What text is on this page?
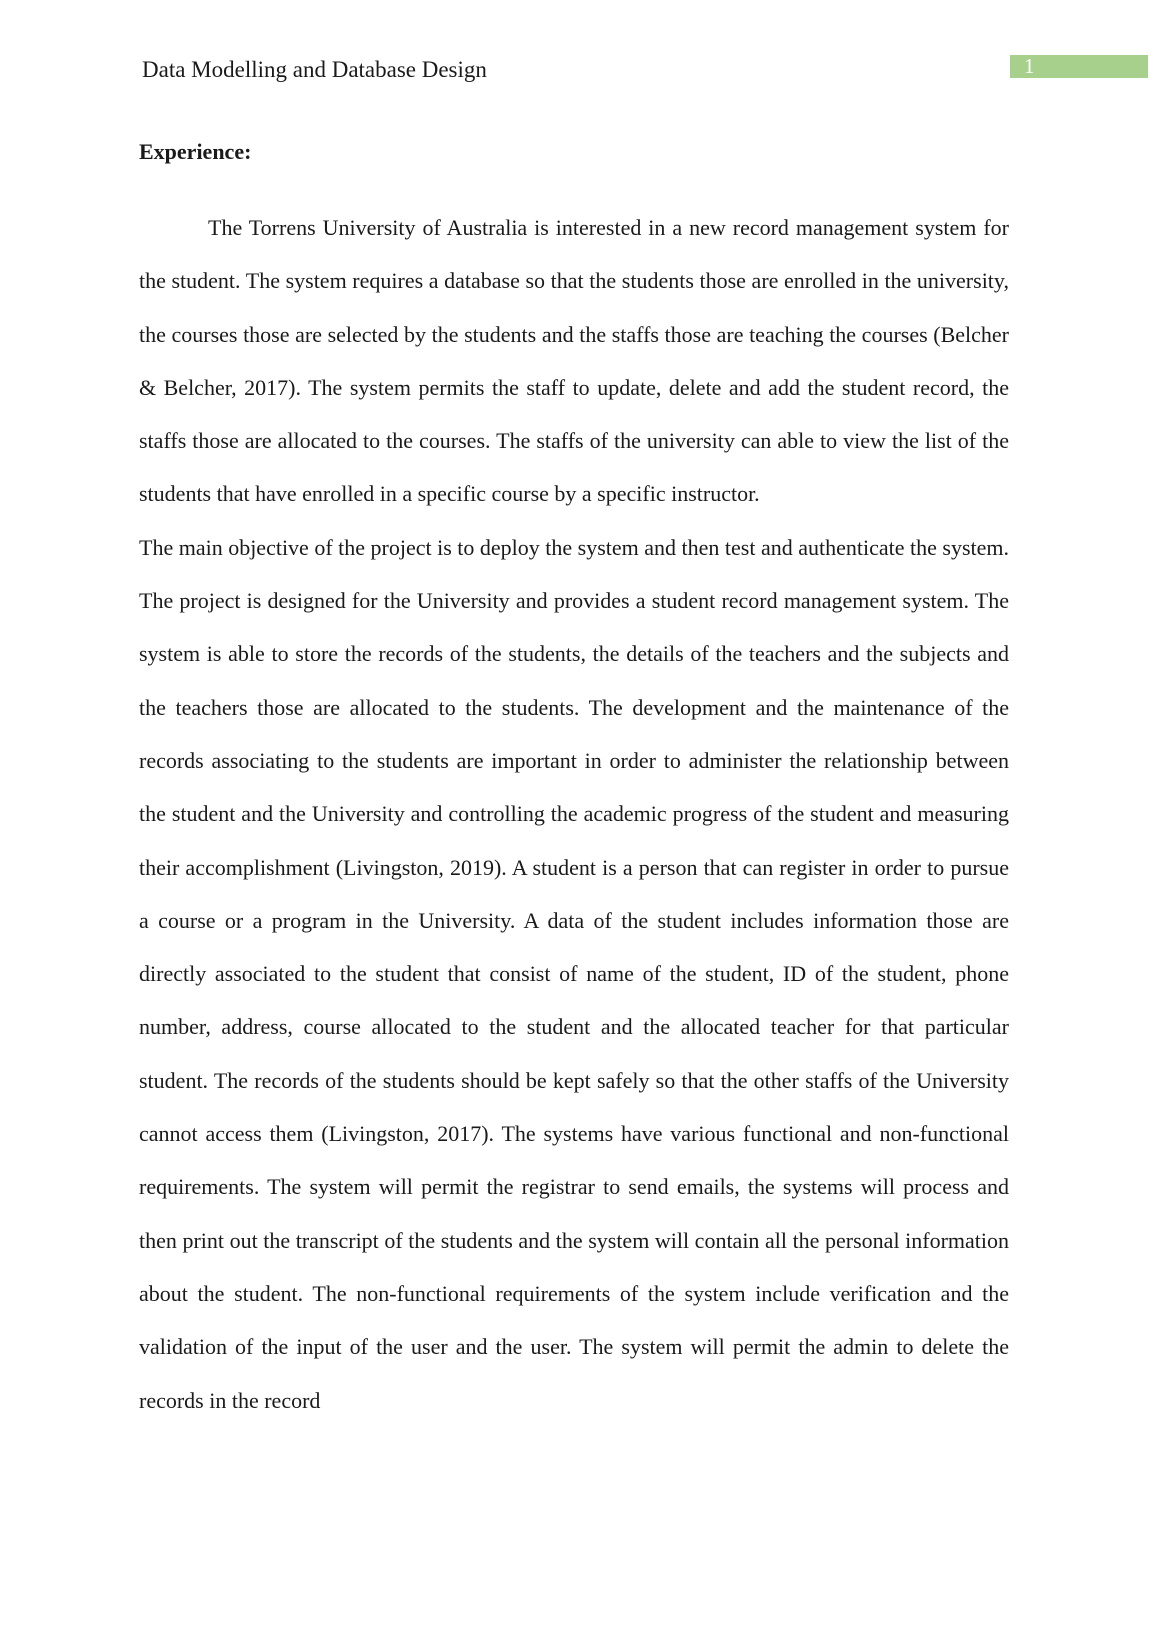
Data Modelling and Database Design	1
Experience:

The Torrens University of Australia is interested in a new record management system for the student. The system requires a database so that the students those are enrolled in the university, the courses those are selected by the students and the staffs those are teaching the courses (Belcher & Belcher, 2017). The system permits the staff to update, delete and add the student record, the staffs those are allocated to the courses. The staffs of the university can able to view the list of the students that have enrolled in a specific course by a specific instructor.

The main objective of the project is to deploy the system and then test and authenticate the system. The project is designed for the University and provides a student record management system. The system is able to store the records of the students, the details of the teachers and the subjects and the teachers those are allocated to the students. The development and the maintenance of the records associating to the students are important in order to administer the relationship between the student and the University and controlling the academic progress of the student and measuring their accomplishment (Livingston, 2019). A student is a person that can register in order to pursue a course or a program in the University. A data of the student includes information those are directly associated to the student that consist of name of the student, ID of the student, phone number, address, course allocated to the student and the allocated teacher for that particular student. The records of the students should be kept safely so that the other staffs of the University cannot access them (Livingston, 2017). The systems have various functional and non-functional requirements. The system will permit the registrar to send emails, the systems will process and then print out the transcript of the students and the system will contain all the personal information about the student. The non-functional requirements of the system include verification and the validation of the input of the user and the user. The system will permit the admin to delete the records in the record
